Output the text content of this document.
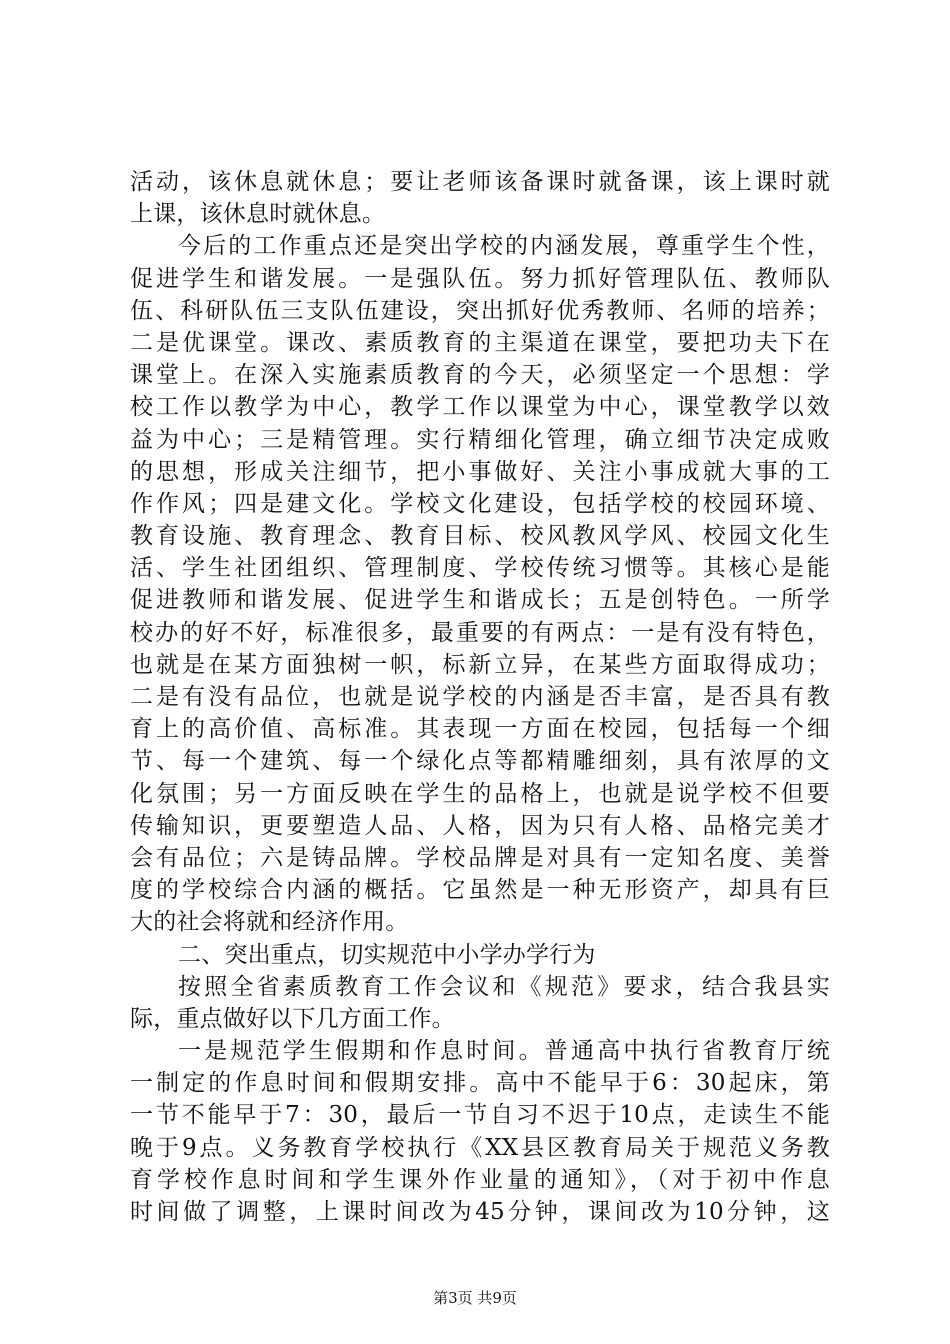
活动，该休息就休息；要让老师该备课时就备课，该上课时就
上课，该休息时就休息。
今后的工作重点还是突出学校的内涵发展，尊重学生个性，
促进学生和谐发展。一是强队伍。努力抓好管理队伍、教师队
伍、科研队伍三支队伍建设，突出抓好优秀教师、名师的培养；
二是优课堂。课改、素质教育的主渠道在课堂，要把功夫下在
课堂上。在深入实施素质教育的今天，必须坚定一个思想：学
校工作以教学为中心，教学工作以课堂为中心，课堂教学以效
益为中心；三是精管理。实行精细化管理，确立细节决定成败
的思想，形成关注细节，把小事做好、关注小事成就大事的工
作作风；四是建文化。学校文化建设，包括学校的校园环境、
教育设施、教育理念、教育目标、校风教风学风、校园文化生
活、学生社团组织、管理制度、学校传统习惯等。其核心是能
促进教师和谐发展、促进学生和谐成长；五是创特色。一所学
校办的好不好，标准很多，最重要的有两点：一是有没有特色，
也就是在某方面独树一帜，标新立异，在某些方面取得成功；
二是有没有品位，也就是说学校的内涵是否丰富，是否具有教
育上的高价值、高标准。其表现一方面在校园，包括每一个细
节、每一个建筑、每一个绿化点等都精雕细刻，具有浓厚的文
化氛围；另一方面反映在学生的品格上，也就是说学校不但要
传输知识，更要塑造人品、人格，因为只有人格、品格完美才
会有品位；六是铸品牌。学校品牌是对具有一定知名度、美誉
度的学校综合内涵的概括。它虽然是一种无形资产，却具有巨
大的社会将就和经济作用。
二、突出重点，切实规范中小学办学行为
按照全省素质教育工作会议和《规范》要求，结合我县实
际，重点做好以下几方面工作。
一是规范学生假期和作息时间。普通高中执行省教育厅统
一制定的作息时间和假期安排。高中不能早于6：30起床，第
一节不能早于7：30，最后一节自习不迟于10点，走读生不能
晚于9点。义务教育学校执行《XX县区教育局关于规范义务教
育学校作息时间和学生课外作业量的通知》，（对于初中作息
时间做了调整，上课时间改为45分钟，课间改为10分钟，这
第3页 共9页
